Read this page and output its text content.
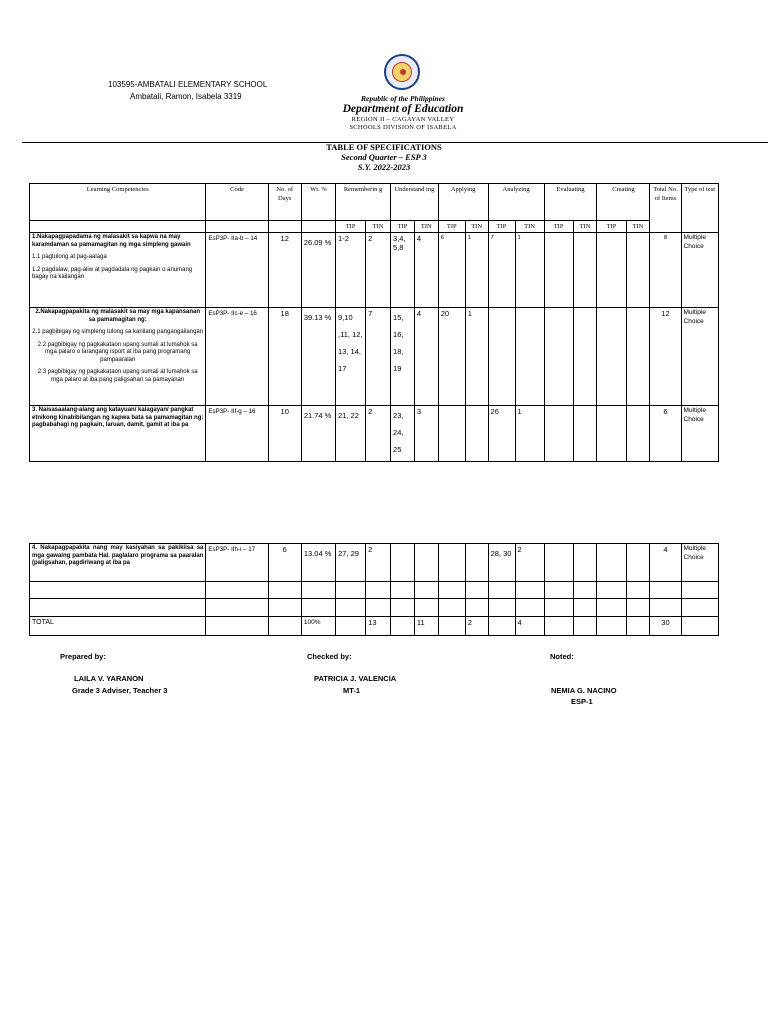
103595-AMBATALI ELEMENTARY SCHOOL
Ambatali, Ramon, Isabela 3319	Republic of the Philippines
Department of Education
REGION II – CAGAYAN VALLEY
SCHOOLS DIVISION OF ISABELA
TABLE OF SPECIFICATIONS
Second Quarter – ESP 3
S.Y. 2022-2023
Learning Competencies	Code	No. of Days	Wt. %	Rememberin g		Understand ing		Applying		Analyzing		Evaluating		Creating		Total No. of Items	Type of test
				TIP	TIN	TIP	TIN	TIP	TIN	TIP	TIN	TIP	TIN	TIP	TIN		

1.Nakapagpapadama ng malasakit sa kapwa na may karamdaman sa pamamagitan ng mga simpleng gawain

1.1 pagtulong at pag-aalaga

1.2 pagdalaw, pag-aliw at pagdadala ng pagkain o anumang bagay na kailangan	EsP3P- IIa-b – 14	12	26.09 %	1-2	2	3,4, 5,8	4	6	1	7	1					8	Multiple Choice

2.Nakapagpapakita ng malasakit sa may mga kapansanan sa pamamagitan ng:

2.1 pagbibigay ng simpleng tulong sa kanilang pangangailangan

2.2 pagbibigay ng pagkakataon upang sumali at lumahok sa mga palaro o larangang isport at iba pang programang pampaaralan

2.3 pagbibigay ng pagkakataon upang sumali at lumahok sa mga palaro at iba pang paligsahan sa pamayanan	EsP3P- IIc-e – 16	18	39.13 %	9,10 ,11, 12, 13, 14, 17	7	15, 16, 18, 19	4	20	1							12	Multiple Choice

3. Naisasaalang-alang ang katayuan/ kalagayan/ pangkat etnikong kinabibilangan ng kapwa bata sa pamamagitan ng: pagbabahagi ng pagkain, laruan, damit, gamit at iba pa	EsP3P- IIf-g – 16	10	21.74 %	21, 22	2	23, 24, 25	3			26	1					6	Multiple Choice

4. Nakapagpapakita nang may kasiyahan sa pakikiisa sa mga gawaing pambata Hal. paglalaro programa sa paaralan (paligsahan, pagdiriwang at iba pa	EsP3P- IIh-i – 17	6	13.04 %	27, 29	2					28, 30	2					4	Multiple Choice

TOTAL			100%		13		11		2		4					30	
Prepared by:
LAILA V. YARANON
Grade 3 Adviser, Teacher 3
Checked by:
PATRICIA J. VALENCIA
MT-1
Noted:
NEMIA G. NACINO
ESP-1
